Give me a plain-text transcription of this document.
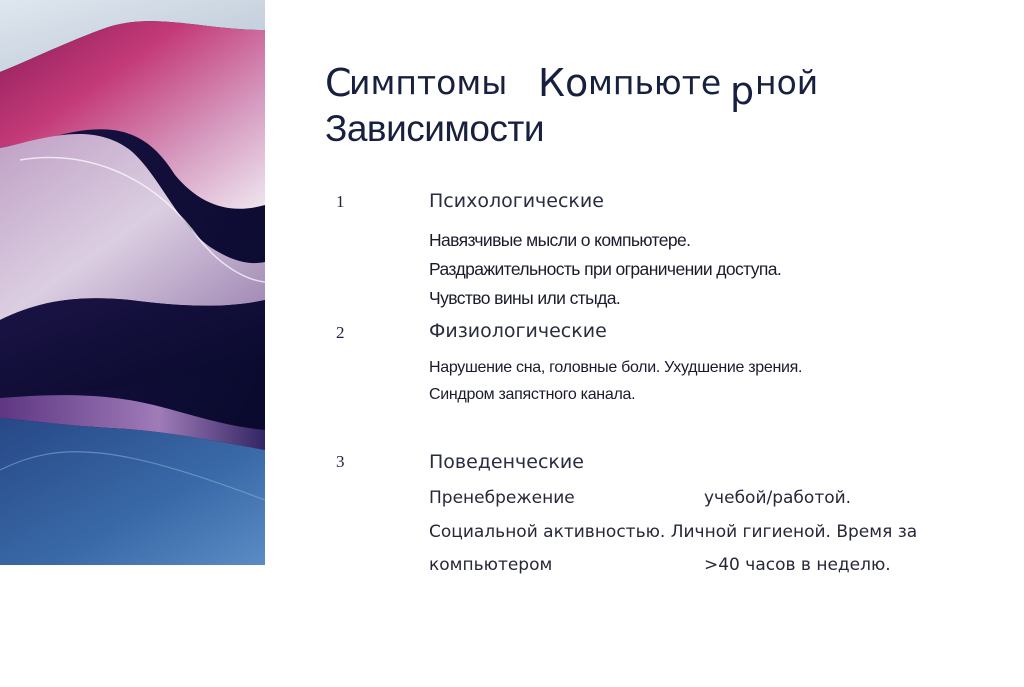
С
имптомы Ко мпьюте р ной
Зависимости
1	Психологические
Навязчивые мысли о компьютере.
Раздражительность при ограничении доступа.
Чувство вины или стыда.
2	Физиологические
Нарушение сна, головные боли. Ухудшение зрения.
Синдром запястного канала.
3	Поведенческие
Пренебрежение	учебой/работой.
Социальной активностью. Личной гигиеной. Время за
компьютером	>40 часов в неделю.
